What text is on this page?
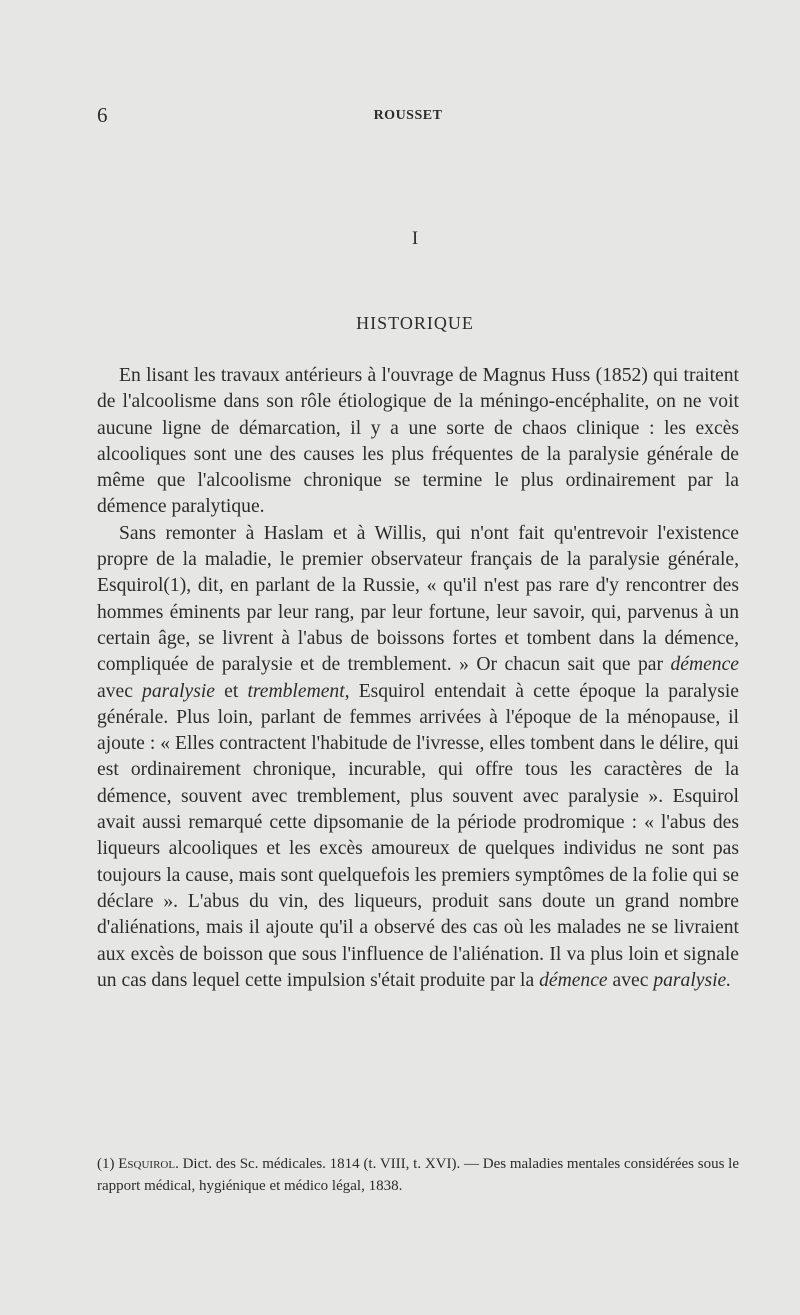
6	ROUSSET
I
HISTORIQUE

En lisant les travaux antérieurs à l'ouvrage de Magnus Huss (1852) qui traitent de l'alcoolisme dans son rôle étiologique de la méningo-encéphalite, on ne voit aucune ligne de démarcation, il y a une sorte de chaos clinique : les excès alcooliques sont une des causes les plus fréquentes de la paralysie générale de même que l'alcoolisme chronique se termine le plus ordinairement par la démence paralytique.

Sans remonter à Haslam et à Willis, qui n'ont fait qu'entrevoir l'existence propre de la maladie, le premier observateur français de la paralysie générale, Esquirol(1), dit, en parlant de la Russie, « qu'il n'est pas rare d'y rencontrer des hommes éminents par leur rang, par leur fortune, leur savoir, qui, parvenus à un certain âge, se livrent à l'abus de boissons fortes et tombent dans la démence, compliquée de paralysie et de tremblement. » Or chacun sait que par démence avec paralysie et tremblement, Esquirol entendait à cette époque la paralysie générale. Plus loin, parlant de femmes arrivées à l'époque de la ménopause, il ajoute : « Elles contractent l'habitude de l'ivresse, elles tombent dans le délire, qui est ordinairement chronique, incurable, qui offre tous les caractères de la démence, souvent avec tremblement, plus souvent avec paralysie ». Esquirol avait aussi remarqué cette dipsomanie de la période prodromique : « l'abus des liqueurs alcooliques et les excès amoureux de quelques individus ne sont pas toujours la cause, mais sont quelquefois les premiers symptômes de la folie qui se déclare ». L'abus du vin, des liqueurs, produit sans doute un grand nombre d'aliénations, mais il ajoute qu'il a observé des cas où les malades ne se livraient aux excès de boisson que sous l'influence de l'aliénation. Il va plus loin et signale un cas dans lequel cette impulsion s'était produite par la démence avec paralysie.

(1) Esquirol. Dict. des Sc. médicales. 1814 (t. VIII, t. XVI). — Des maladies mentales considérées sous le rapport médical, hygiénique et médico légal, 1838.
